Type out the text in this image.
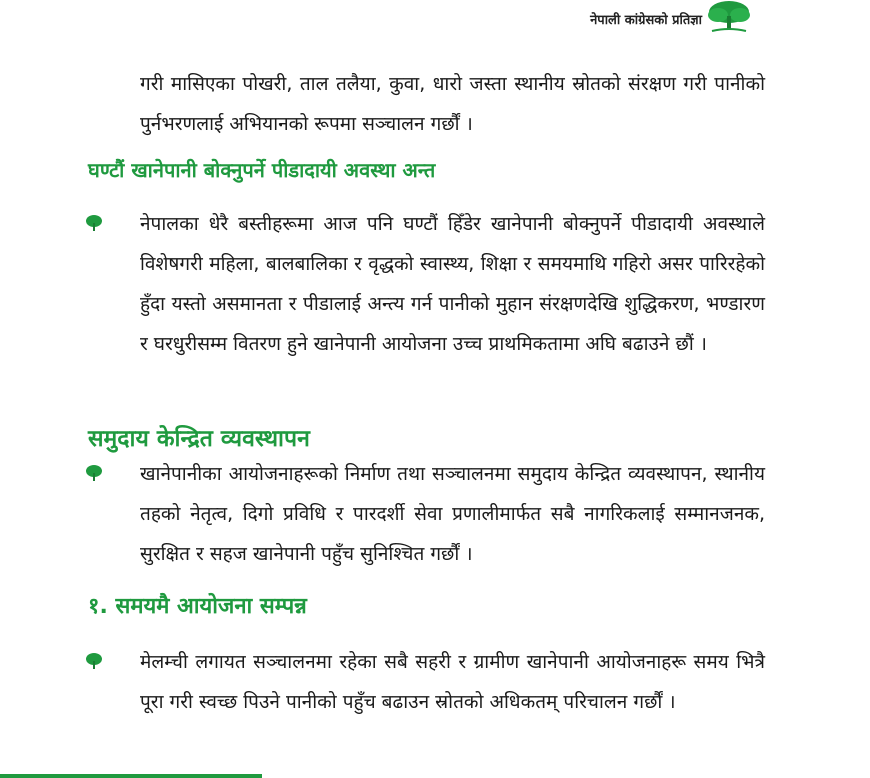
नेपाली कांग्रेसको प्रतिज्ञा

गरी मासिएका पोखरी, ताल तलैया, कुवा, धारो जस्ता स्थानीय स्रोतको संरक्षण गरी पानीको पुर्नभरणलाई अभियानको रूपमा सञ्चालन गर्छौं ।

घण्टौं खानेपानी बोक्नुपर्ने पीडादायी अवस्था अन्त

नेपालका धेरै बस्तीहरूमा आज पनि घण्टौं हिँडेर खानेपानी बोक्नुपर्ने पीडादायी अवस्थाले विशेषगरी महिला, बालबालिका र वृद्धको स्वास्थ्य, शिक्षा र समयमाथि गहिरो असर पारिरहेको हुँदा यस्तो असमानता र पीडालाई अन्त्य गर्न पानीको मुहान संरक्षणदेखि शुद्धिकरण, भण्डारण र घरधुरीसम्म वितरण हुने खानेपानी आयोजना उच्च प्राथमिकतामा अघि बढाउने छौं ।

समुदाय केन्द्रित व्यवस्थापन

खानेपानीका आयोजनाहरूको निर्माण तथा सञ्चालनमा समुदाय केन्द्रित व्यवस्थापन, स्थानीय तहको नेतृत्व, दिगो प्रविधि र पारदर्शी सेवा प्रणालीमार्फत सबै नागरिकलाई सम्मानजनक, सुरक्षित र सहज खानेपानी पहुँच सुनिश्चित गर्छौं ।

१. समयमै आयोजना सम्पन्न

मेलम्ची लगायत सञ्चालनमा रहेका सबै सहरी र ग्रामीण खानेपानी आयोजनाहरू समय भित्रै पूरा गरी स्वच्छ पिउने पानीको पहुँच बढाउन स्रोतको अधिकतम् परिचालन गर्छौं ।
